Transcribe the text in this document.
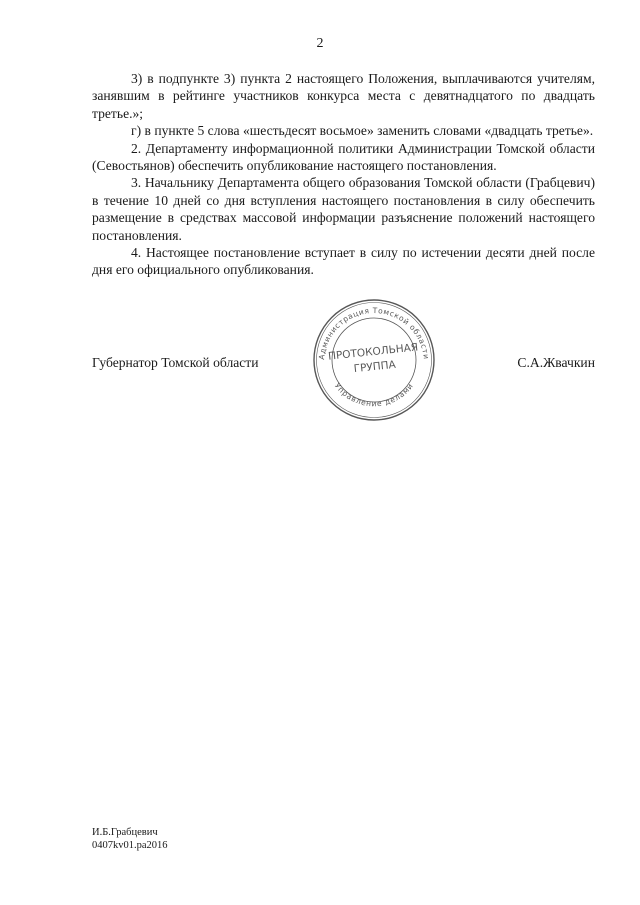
2

3) в подпункте 3) пункта 2 настоящего Положения, выплачиваются учителям, занявшим в рейтинге участников конкурса места с девятнадцатого по двадцать третье.»;

г) в пункте 5 слова «шестьдесят восьмое» заменить словами «двадцать третье».

2. Департаменту информационной политики Администрации Томской области (Севостьянов) обеспечить опубликование настоящего постановления.

3. Начальнику Департамента общего образования Томской области (Грабцевич) в течение 10 дней со дня вступления настоящего постановления в силу обеспечить размещение в средствах массовой информации разъяснение положений настоящего постановления.

4. Настоящее постановление вступает в силу по истечении десяти дней после дня его официального опубликования.

Губернатор Томской области	С.А.Жвачкин
Администрация Томской области
Управление делами
ПРОТОКОЛЬНАЯ
ГРУППА
И.Б.Грабцевич
0407kv01.pa2016
